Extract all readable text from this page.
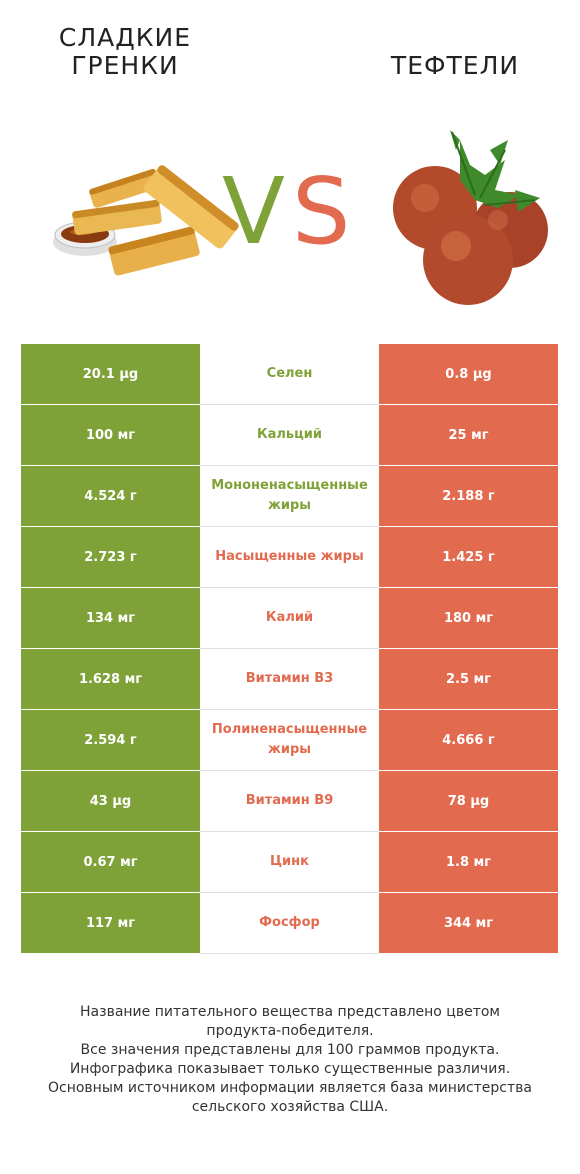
СЛАДКИЕ
ГРЕНКИ	ТЕФТЕЛИ
V S
20.1 µg	Селен	0.8 µg
100 мг	Кальций	25 мг
4.524 г	Мононенасыщенные жиры	2.188 г
2.723 г	Насыщенные жиры	1.425 г
134 мг	Калий	180 мг
1.628 мг	Витамин B3	2.5 мг
2.594 г	Полиненасыщенные жиры	4.666 г
43 µg	Витамин B9	78 µg
0.67 мг	Цинк	1.8 мг
117 мг	Фосфор	344 мг
Название питательного вещества представлено цветом
продукта-победителя.
Все значения представлены для 100 граммов продукта.
Инфографика показывает только существенные различия.
Основным источником информации является база министерства
сельского хозяйства США.
